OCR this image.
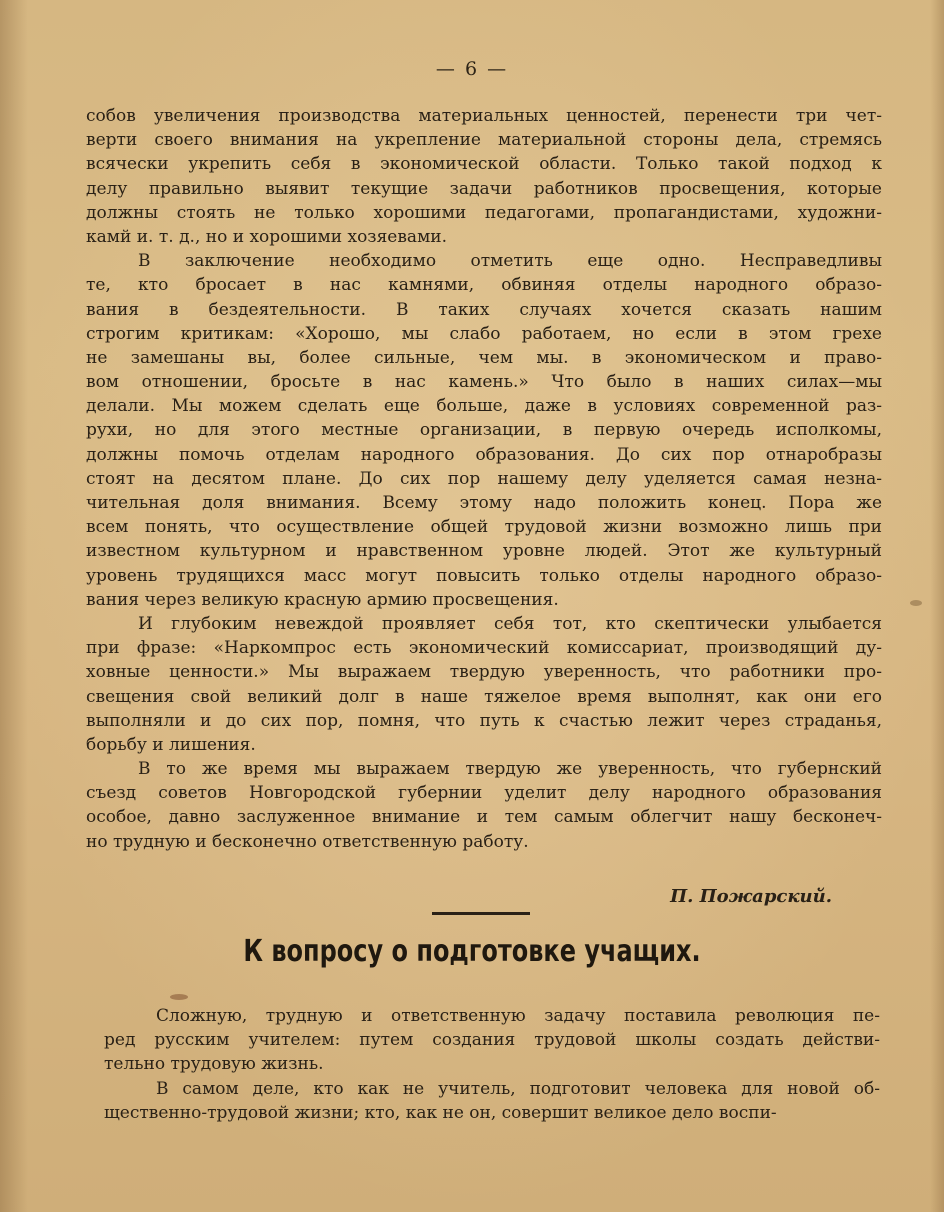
— 6 —
собов увеличения производства материальных ценностей, перенести три чет-
верти своего внимания на укрепление материальной стороны дела, стремясь
всячески укрепить себя в экономической области. Только такой подход к
делу правильно выявит текущие задачи работников просвещения, которые
должны стоять не только хорошими педагогами, пропагандистами, художни-
камй и. т. д., но и хорошими хозяевами.
В заключение необходимо отметить еще одно. Несправедливы
те, кто бросает в нас камнями, обвиняя отделы народного образо-
вания в бездеятельности. В таких случаях хочется сказать нашим
строгим критикам: «Хорошо, мы слабо работаем, но если в этом грехе
не замешаны вы, более сильные, чем мы. в экономическом и право-
вом отношении, бросьте в нас камень.» Что было в наших силах—мы
делали. Мы можем сделать еще больше, даже в условиях современной раз-
рухи, но для этого местные организации, в первую очередь исполкомы,
должны помочь отделам народного образования. До сих пор отнаробразы
стоят на десятом плане. До сих пор нашему делу уделяется самая незна-
чительная доля внимания. Всему этому надо положить конец. Пора же
всем понять, что осуществление общей трудовой жизни возможно лишь при
известном культурном и нравственном уровне людей. Этот же культурный
уровень трудящихся масс могут повысить только отделы народного образо-
вания через великую красную армию просвещения.
И глубоким невеждой проявляет себя тот, кто скептически улыбается
при фразе: «Наркомпрос есть экономический комиссариат, производящий ду-
ховные ценности.» Мы выражаем твердую уверенность, что работники про-
свещения свой великий долг в наше тяжелое время выполнят, как они его
выполняли и до сих пор, помня, что путь к счастью лежит через страданья,
борьбу и лишения.
В то же время мы выражаем твердую же уверенность, что губернский
съезд советов Новгородской губернии уделит делу народного образования
особое, давно заслуженное внимание и тем самым облегчит нашу бесконеч-
но трудную и бесконечно ответственную работу.
П. Пожарский.
К вопросу о подготовке учащих.
Сложную, трудную и ответственную задачу поставила революция пе-
ред русским учителем: путем создания трудовой школы создать действи-
тельно трудовую жизнь.
В самом деле, кто как не учитель, подготовит человека для новой об-
щественно-трудовой жизни; кто, как не он, совершит великое дело воспи-
